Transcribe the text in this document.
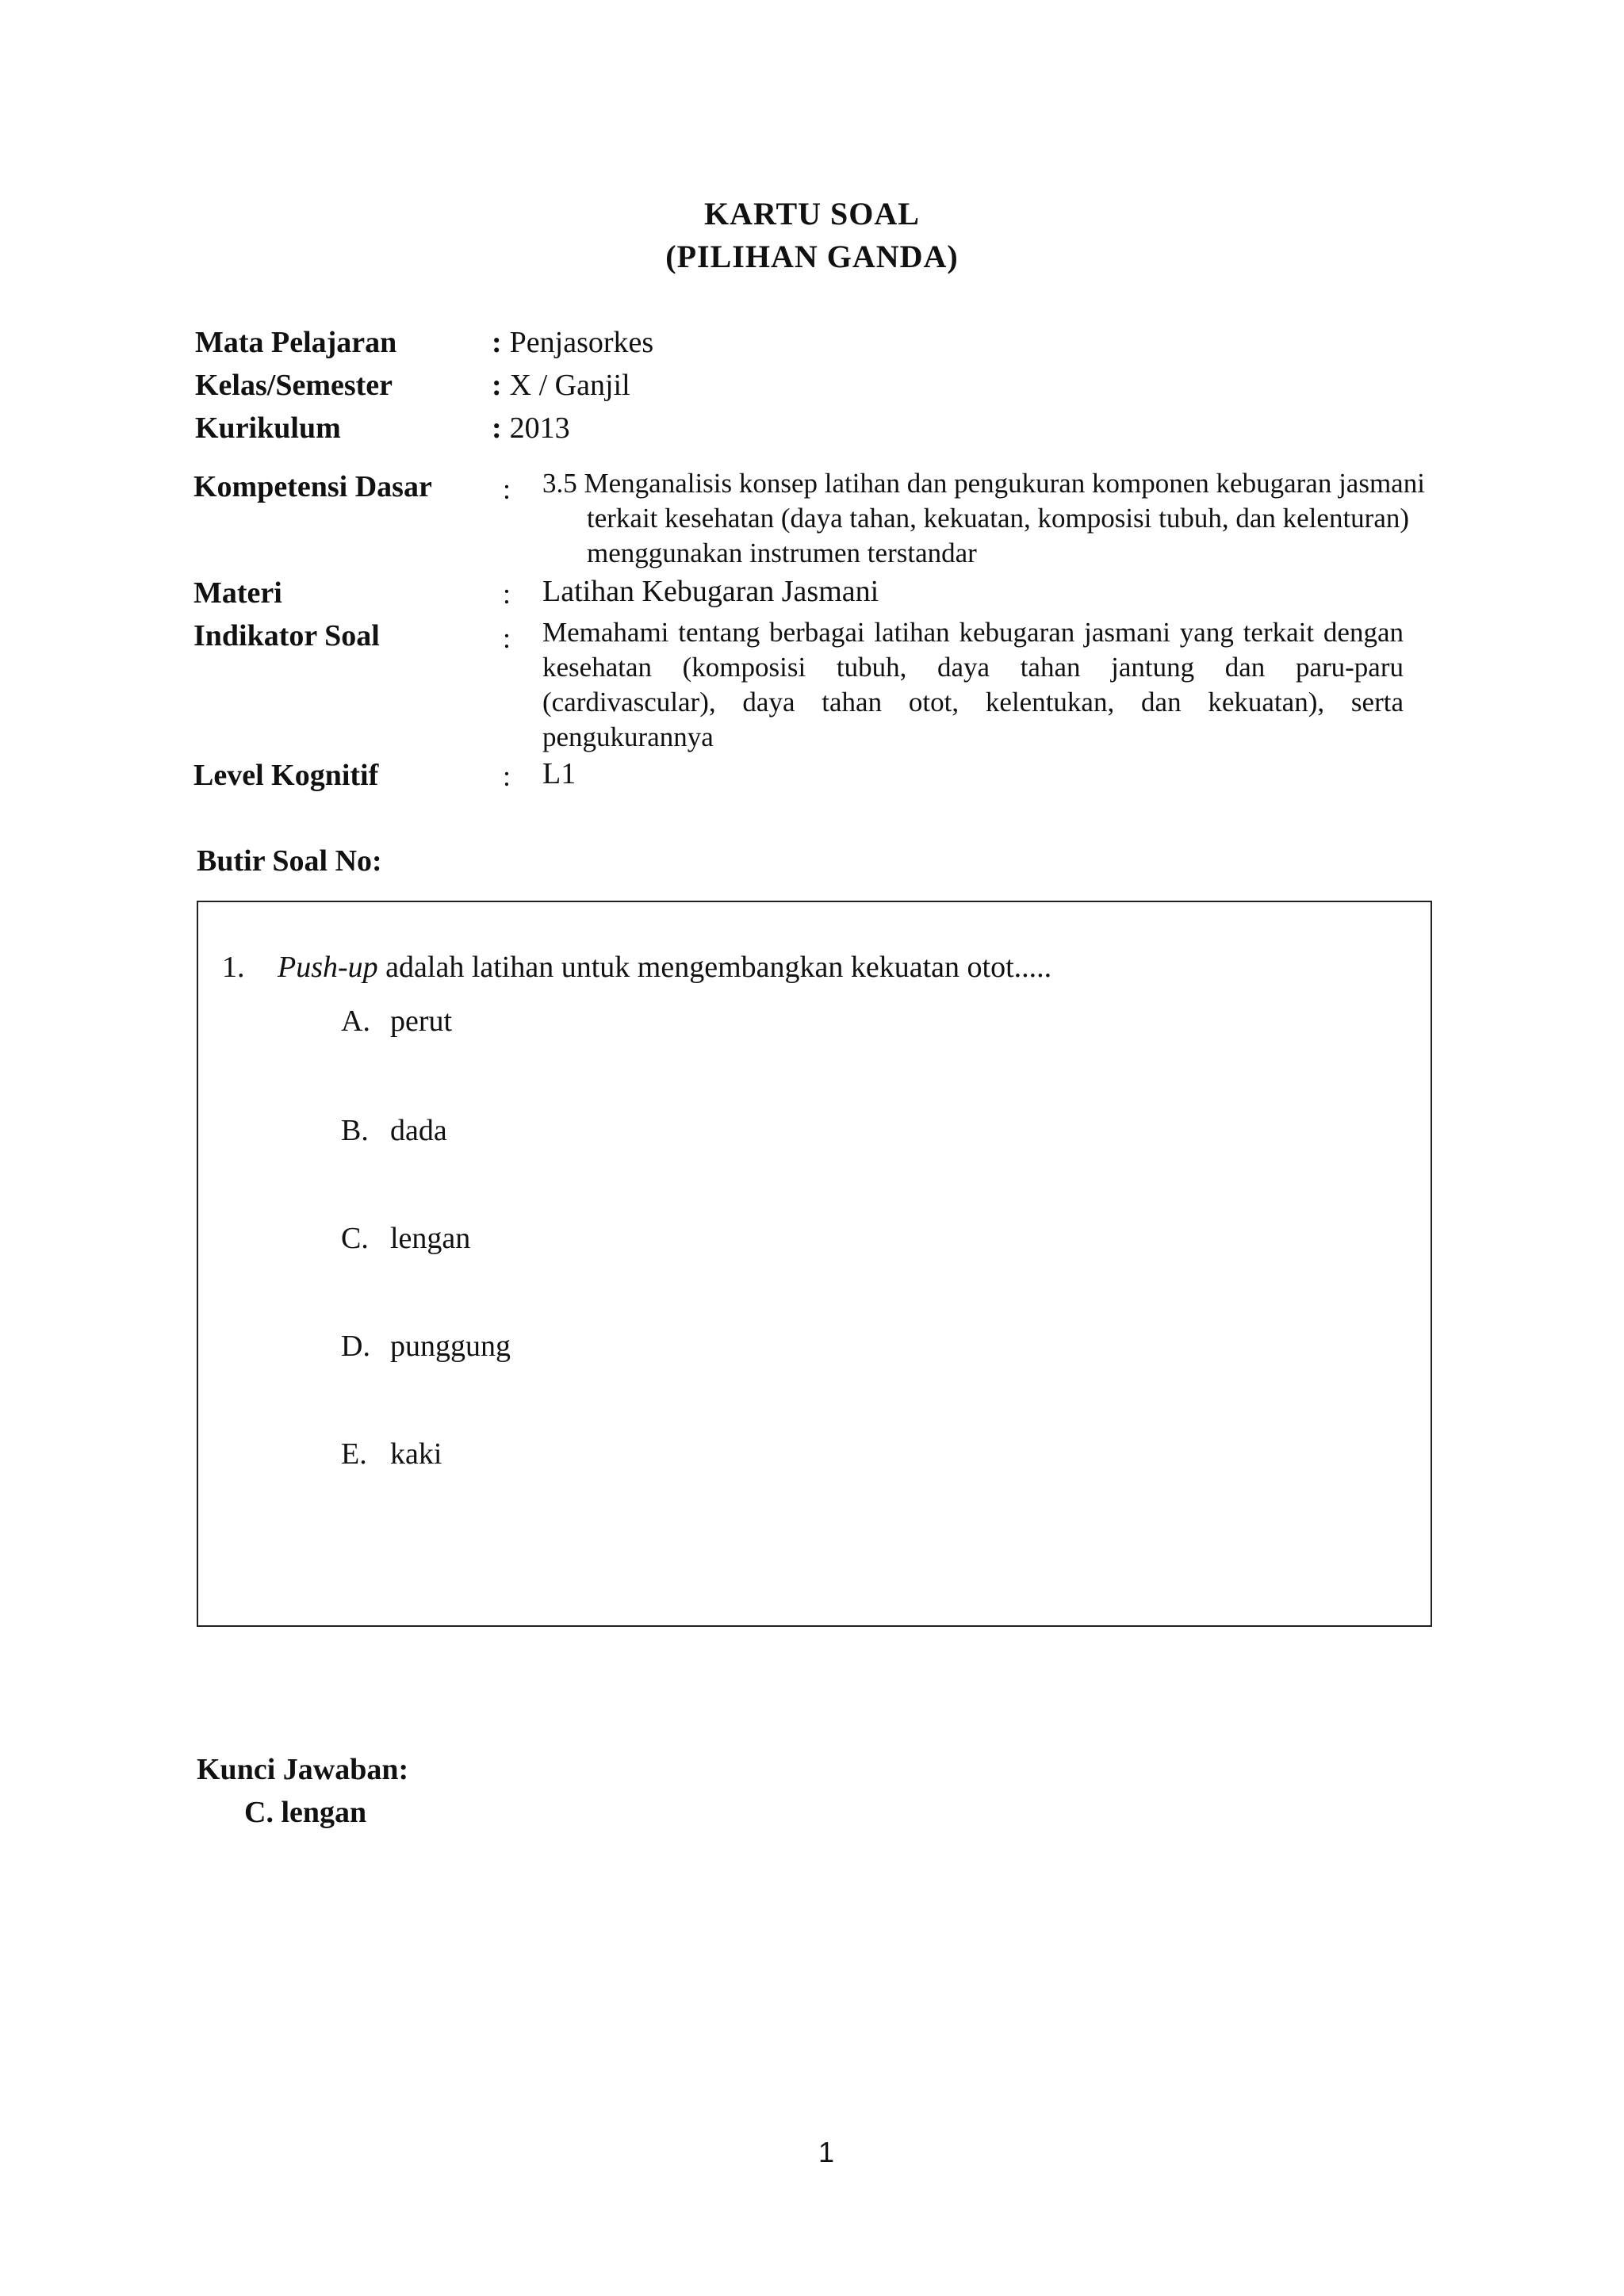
KARTU SOAL
(PILIHAN GANDA)
Mata Pelajaran	: Penjasorkes
Kelas/Semester	: X / Ganjil
Kurikulum	: 2013
Kompetensi Dasar : 3.5 Menganalisis konsep latihan dan pengukuran komponen kebugaran jasmani terkait kesehatan (daya tahan, kekuatan, komposisi tubuh, dan kelenturan) menggunakan instrumen terstandar
Materi	: Latihan Kebugaran Jasmani
Indikator Soal	: Memahami tentang berbagai latihan kebugaran jasmani yang terkait dengan kesehatan (komposisi tubuh, daya tahan jantung dan paru-paru (cardivascular), daya tahan otot, kelentukan, dan kekuatan), serta pengukurannya
Level Kognitif	: L1
Butir Soal No:
1. Push-up adalah latihan untuk mengembangkan kekuatan otot.....
A. perut
B. dada
C. lengan
D. punggung
E. kaki
Kunci Jawaban:
C. lengan
1
